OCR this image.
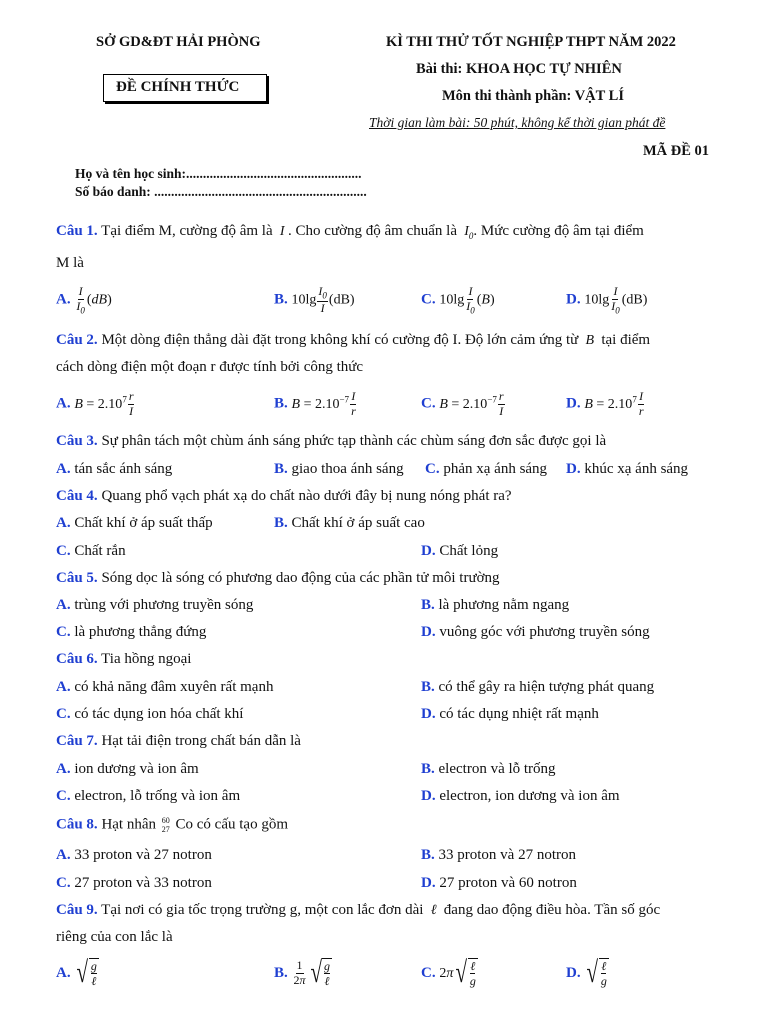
SỞ GD&ĐT HẢI PHÒNG
ĐỀ CHÍNH THỨC
KÌ THI THỬ TỐT NGHIỆP THPT NĂM 2022
Bài thi: KHOA HỌC TỰ NHIÊN
Môn thi thành phần: VẬT LÍ
Thời gian làm bài: 50 phút, không kể thời gian phát đề
MÃ ĐỀ 01
Họ và tên học sinh:....................................................
Số báo danh: ...............................................................
Câu 1. Tại điểm M, cường độ âm là  I . Cho cường độ âm chuẩn là  $I_0$. Mức cường độ âm tại điểm
M là
A. $\frac{I}{I_0} (dB)$	B. $10\lg \frac{I_0}{I} (dB)$	C. $10\lg \frac{I}{I_0} (B)$	D. $10\lg \frac{I}{I_0} (dB)$
Câu 2. Một dòng điện thẳng dài đặt trong không khí có cường độ I. Độ lớn cảm ứng từ  B  tại điểm
cách dòng điện một đoạn r được tính bởi công thức
A. $B = 2.10^7 \frac{r}{I}$	B. $B = 2.10^{-7} \frac{I}{r}$	C. $B = 2.10^{-7} \frac{r}{I}$	D. $B = 2.10^7 \frac{I}{r}$
Câu 3. Sự phân tách một chùm ánh sáng phức tạp thành các chùm sáng đơn sắc được gọi là
A. tán sắc ánh sáng	B. giao thoa ánh sáng C. phản xạ ánh sáng D. khúc xạ ánh sáng
Câu 4. Quang phổ vạch phát xạ do chất nào dưới đây bị nung nóng phát ra?
A. Chất khí ở áp suất thấp	B. Chất khí ở áp suất cao
C. Chất rắn	D. Chất lỏng
Câu 5. Sóng dọc là sóng có phương dao động của các phần tử môi trường
A. trùng với phương truyền sóng	B. là phương nằm ngang
C. là phương thẳng đứng	D. vuông góc với phương truyền sóng
Câu 6. Tia hồng ngoại
A. có khả năng đâm xuyên rất mạnh	B. có thể gây ra hiện tượng phát quang
C. có tác dụng ion hóa chất khí	D. có tác dụng nhiệt rất mạnh
Câu 7. Hạt tải điện trong chất bán dẫn là
A. ion dương và ion âm	B. electron và lỗ trống
C. electron, lỗ trống và ion âm	D. electron, ion dương và ion âm
Câu 8. Hạt nhân 60
27 Co có cấu tạo gồm
A. 33 proton và 27 notron	B. 33 proton và 27 notron
C. 27 proton và 33 notron	D. 27 proton và 60 notron
Câu 9. Tại nơi có gia tốc trọng trường g, một con lắc đơn dài  ℓ  đang dao động điều hòa. Tần số góc
riêng của con lắc là
A. √ g
ℓ
B. $\frac{1}{2\pi}$ √ g
ℓ
C. 2π √ ℓ
g
D. √ ℓ
g
